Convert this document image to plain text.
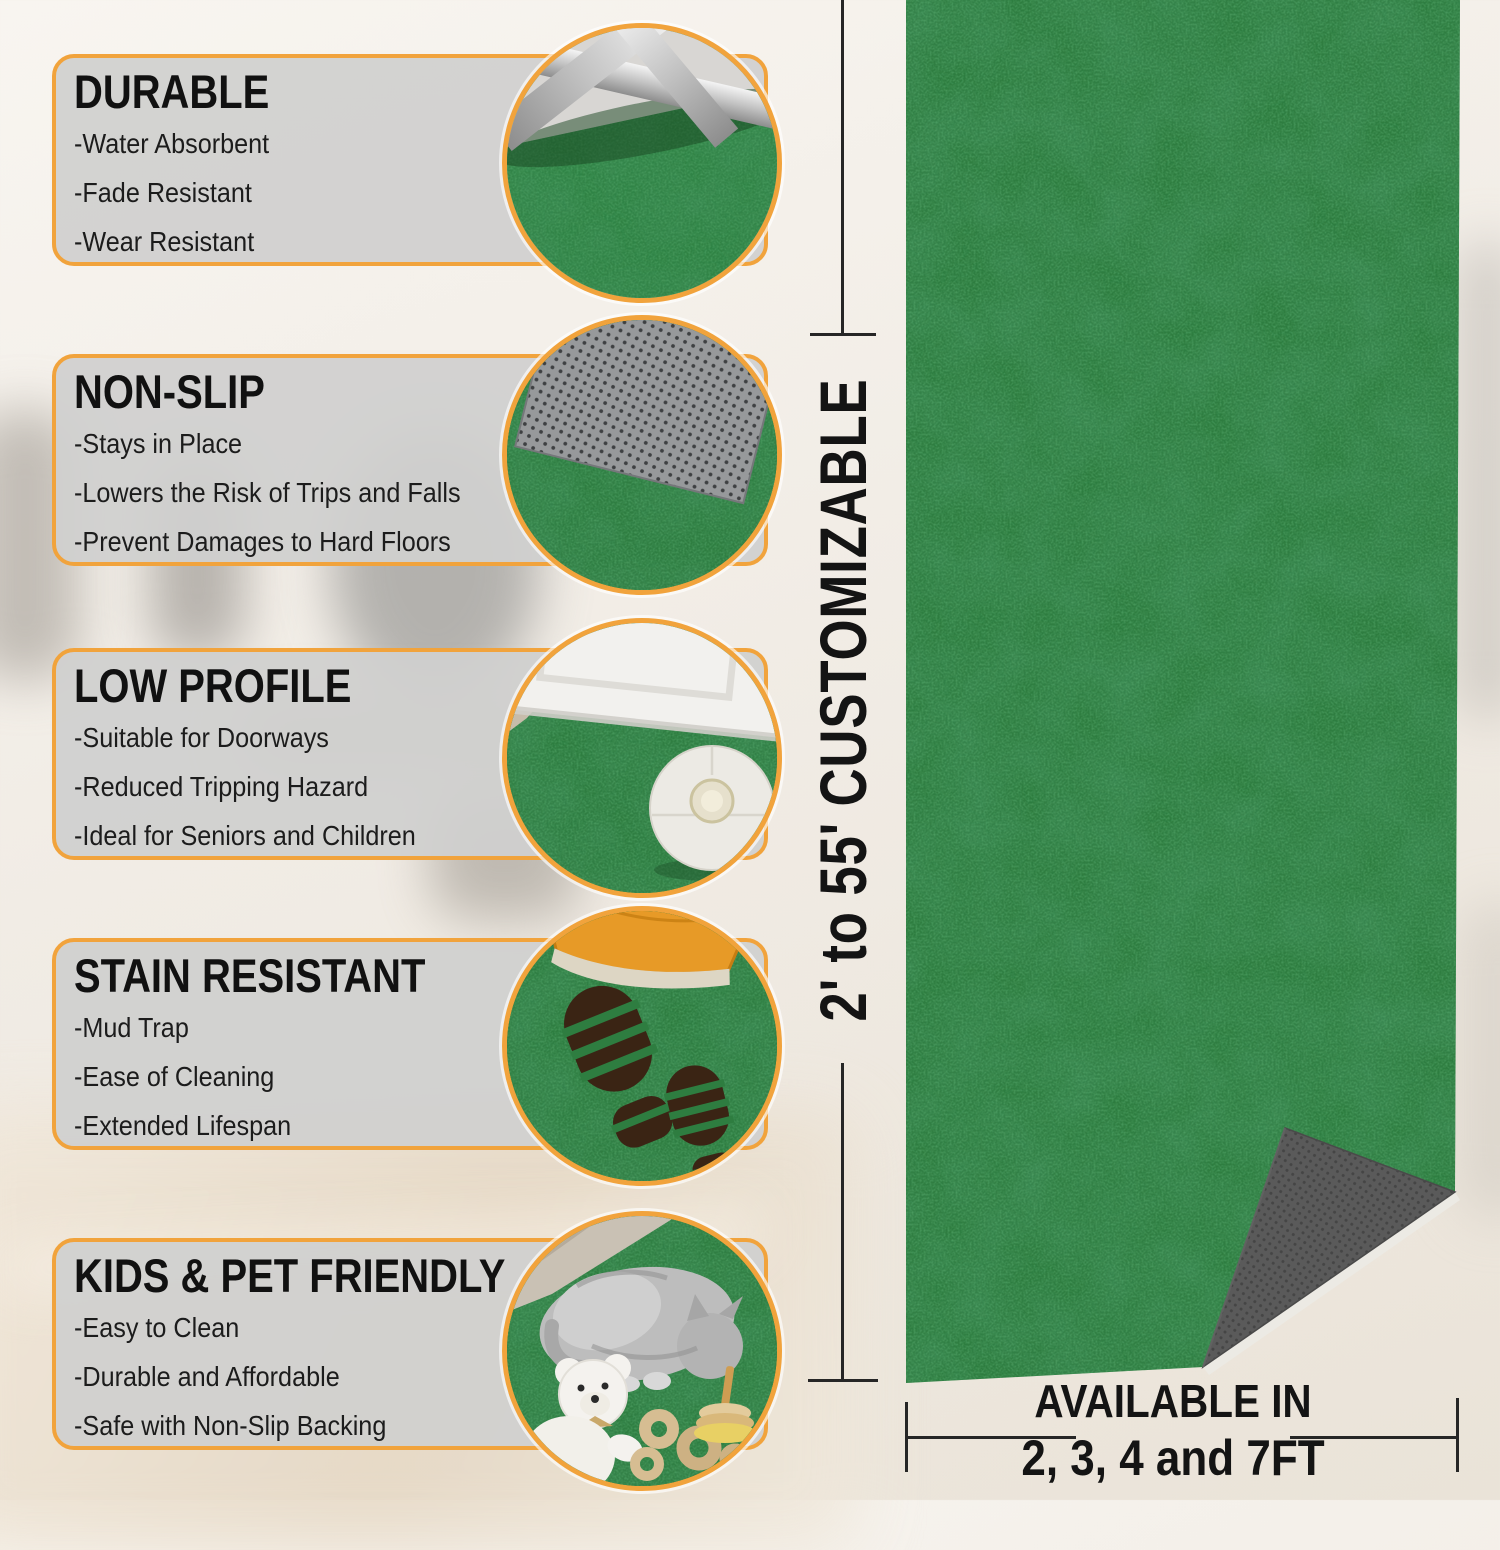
DURABLE
-Water Absorbent
-Fade Resistant
-Wear Resistant
NON-SLIP
-Stays in Place
-Lowers the Risk of Trips and Falls
-Prevent Damages to Hard Floors
LOW PROFILE
-Suitable for Doorways
-Reduced Tripping Hazard
-Ideal for Seniors and Children
STAIN RESISTANT
-Mud Trap
-Ease of Cleaning
-Extended Lifespan
KIDS & PET FRIENDLY
-Easy to Clean
-Durable and Affordable
-Safe with Non-Slip Backing
2' to 55' CUSTOMIZABLE
AVAILABLE IN
2, 3, 4 and 7FT
